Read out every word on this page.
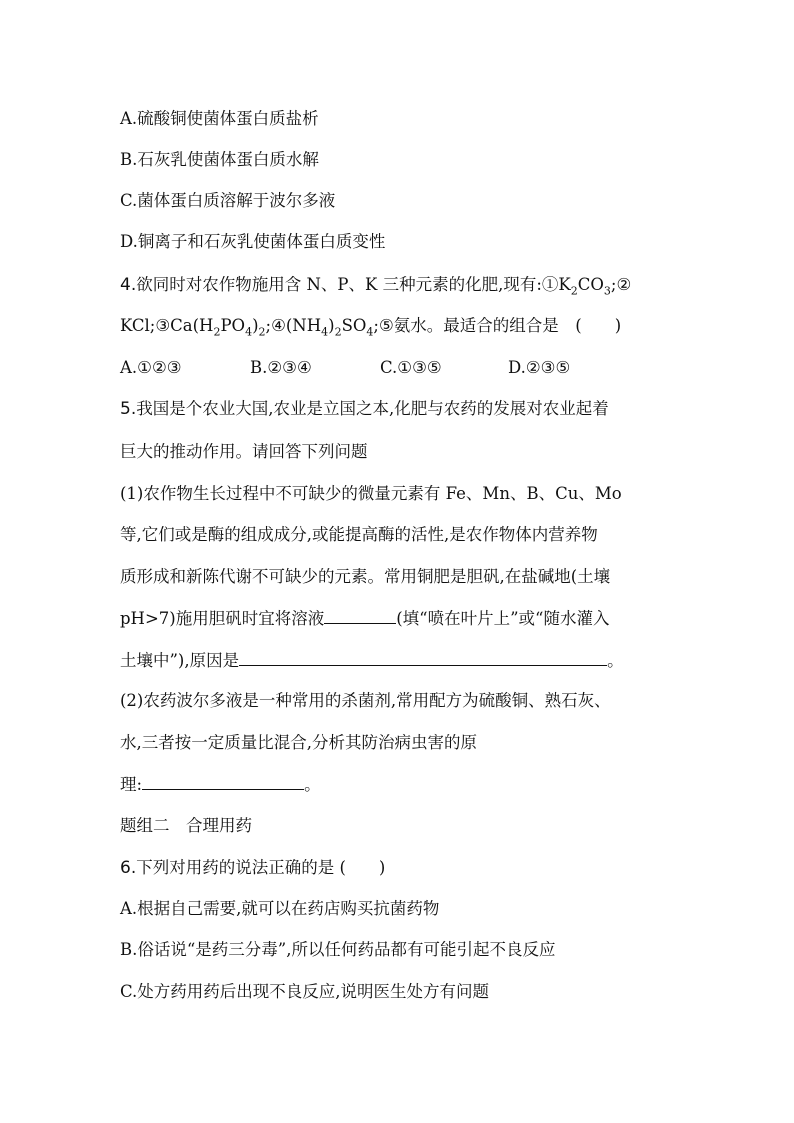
A.硫酸铜使菌体蛋白质盐析
B.石灰乳使菌体蛋白质水解
C.菌体蛋白质溶解于波尔多液
D.铜离子和石灰乳使菌体蛋白质变性
4.欲同时对农作物施用含 N、P、K 三种元素的化肥,现有$:①K_2CO_3;②$
$KCl;③Ca(H_2PO_4)_2;④(NH_4)_2SO_4;⑤$氨水。最适合的组合是　(　　)
A.①②③	B.②③④	C.①③⑤	D.②③⑤
5.我国是个农业大国,农业是立国之本,化肥与农药的发展对农业起着
巨大的推动作用。请回答下列问题
(1)农作物生长过程中不可缺少的微量元素有 Fe、Mn、B、Cu、Mo
等,它们或是酶的组成成分,或能提高酶的活性,是农作物体内营养物
质形成和新陈代谢不可缺少的元素。常用铜肥是胆矾,在盐碱地(土壤
pH>7)施用胆矾时宜将溶液	(填“喷在叶片上”或“随水灌入
土壤中”),原因是	。
(2)农药波尔多液是一种常用的杀菌剂,常用配方为硫酸铜、熟石灰、
水,三者按一定质量比混合,分析其防治病虫害的原
理:	。
题组二　合理用药
6.下列对用药的说法正确的是 (　　)
A.根据自己需要,就可以在药店购买抗菌药物
B.俗话说“是药三分毒”,所以任何药品都有可能引起不良反应
C.处方药用药后出现不良反应,说明医生处方有问题
